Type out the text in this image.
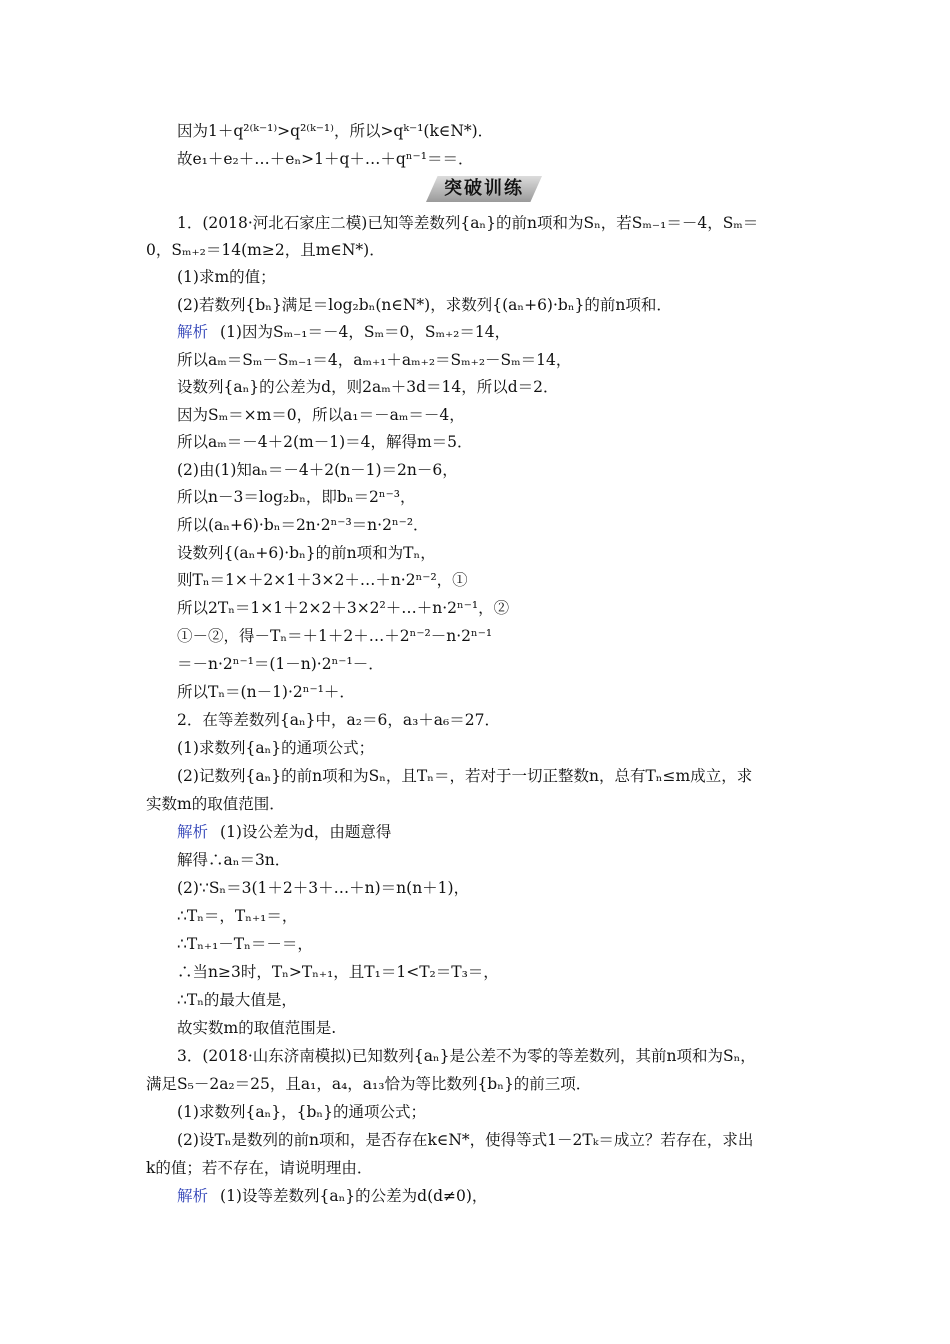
因为1＋q²⁽ᵏ⁻¹⁾>q²⁽ᵏ⁻¹⁾，所以>qᵏ⁻¹(k∈N*)．
故e₁＋e₂＋…＋eₙ>1＋q＋…＋qⁿ⁻¹＝＝．
突破训练
1．(2018·河北石家庄二模)已知等差数列{aₙ}的前n项和为Sₙ，若Sₘ₋₁＝－4，Sₘ＝
0，Sₘ₊₂＝14(m≥2，且m∈N*)．
(1)求m的值；
(2)若数列{bₙ}满足＝log₂bₙ(n∈N*)，求数列{(aₙ+6)·bₙ}的前n项和．
解析 (1)因为Sₘ₋₁＝－4，Sₘ＝0，Sₘ₊₂＝14，
所以aₘ＝Sₘ－Sₘ₋₁＝4，aₘ₊₁＋aₘ₊₂＝Sₘ₊₂－Sₘ＝14，
设数列{aₙ}的公差为d，则2aₘ＋3d＝14，所以d＝2．
因为Sₘ＝×m＝0，所以a₁＝－aₘ＝－4，
所以aₘ＝－4＋2(m－1)＝4，解得m＝5．
(2)由(1)知aₙ＝－4＋2(n－1)＝2n－6，
所以n－3＝log₂bₙ，即bₙ＝2ⁿ⁻³，
所以(aₙ+6)·bₙ＝2n·2ⁿ⁻³＝n·2ⁿ⁻²．
设数列{(aₙ+6)·bₙ}的前n项和为Tₙ，
则Tₙ＝1×＋2×1＋3×2＋…＋n·2ⁿ⁻²，①
所以2Tₙ＝1×1＋2×2＋3×2²＋…＋n·2ⁿ⁻¹，②
①－②，得－Tₙ＝＋1＋2＋…＋2ⁿ⁻²－n·2ⁿ⁻¹
＝－n·2ⁿ⁻¹＝(1－n)·2ⁿ⁻¹－．
所以Tₙ＝(n－1)·2ⁿ⁻¹＋．
2．在等差数列{aₙ}中，a₂＝6，a₃＋a₆＝27．
(1)求数列{aₙ}的通项公式；
(2)记数列{aₙ}的前n项和为Sₙ，且Tₙ＝，若对于一切正整数n，总有Tₙ≤m成立，求
实数m的取值范围．
解析 (1)设公差为d，由题意得
解得∴aₙ＝3n．
(2)∵Sₙ＝3(1＋2＋3＋…＋n)＝n(n＋1)，
∴Tₙ＝，Tₙ₊₁＝，
∴Tₙ₊₁－Tₙ＝－＝，
∴当n≥3时，Tₙ>Tₙ₊₁，且T₁＝1<T₂＝T₃＝，
∴Tₙ的最大值是，
故实数m的取值范围是.
3．(2018·山东济南模拟)已知数列{aₙ}是公差不为零的等差数列，其前n项和为Sₙ，
满足S₅－2a₂＝25，且a₁，a₄，a₁₃恰为等比数列{bₙ}的前三项．
(1)求数列{aₙ}，{bₙ}的通项公式；
(2)设Tₙ是数列的前n项和，是否存在k∈N*，使得等式1－2Tₖ＝成立？若存在，求出
k的值；若不存在，请说明理由．
解析 (1)设等差数列{aₙ}的公差为d(d≠0)，
